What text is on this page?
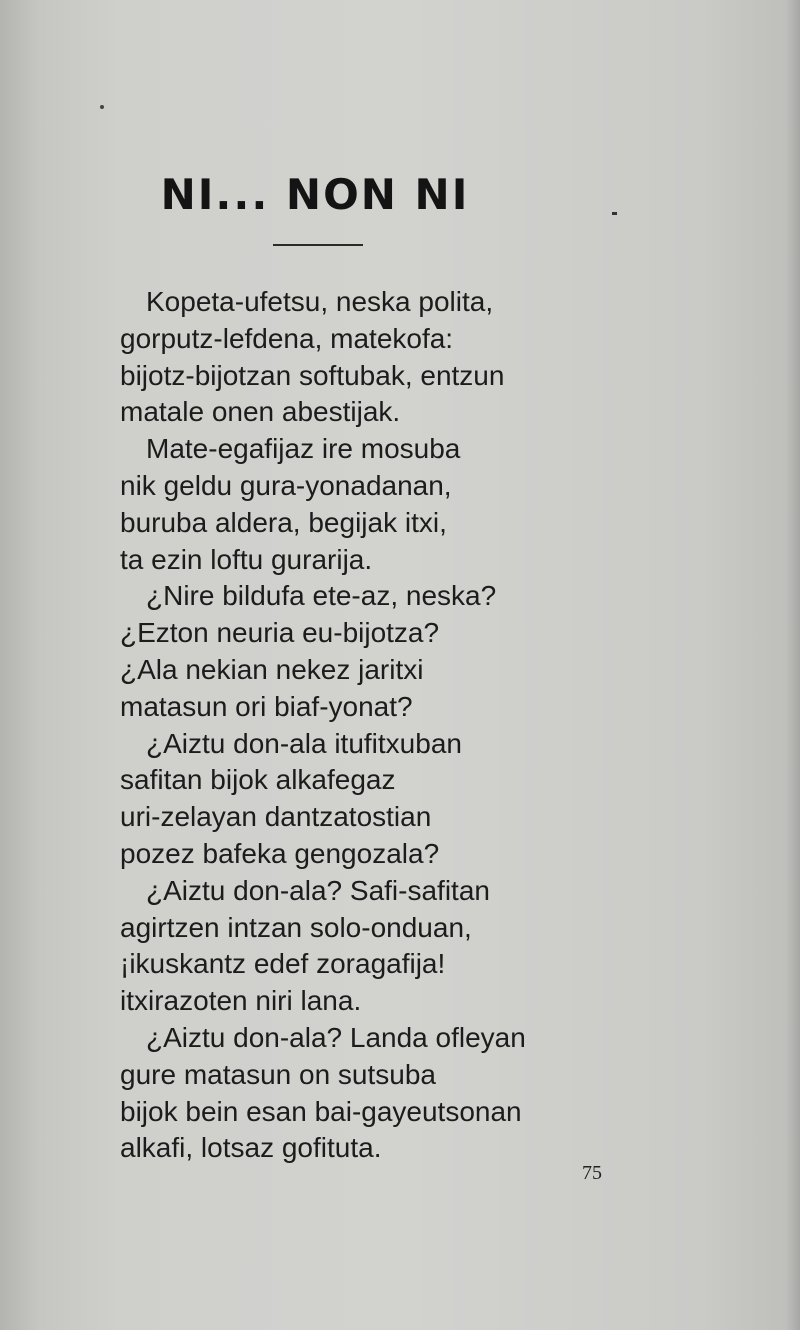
NI... NON NI
Kopeta-ufetsu, neska polita,
gorputz-lefdena, matekofa:
bijotz-bijotzan softubak, entzun
matale onen abestijak.
Mate-egafijaz ire mosuba
nik geldu gura-yonadanan,
buruba aldera, begijak itxi,
ta ezin loftu gurarija.
¿Nire bildufa ete-az, neska?
¿Ezton neuria eu-bijotza?
¿Ala nekian nekez jaritxi
matasun ori biaf-yonat?
¿Aiztu don-ala itufitxuban
safitan bijok alkafegaz
uri-zelayan dantzatostian
pozez bafeka gengozala?
¿Aiztu don-ala? Safi-safitan
agirtzen intzan solo-onduan,
¡ikuskantz edef zoragafija!
itxirazoten niri lana.
¿Aiztu don-ala? Landa ofleyan
gure matasun on sutsuba
bijok bein esan bai-gayeutsonan
alkafi, lotsaz gofituta.
75
